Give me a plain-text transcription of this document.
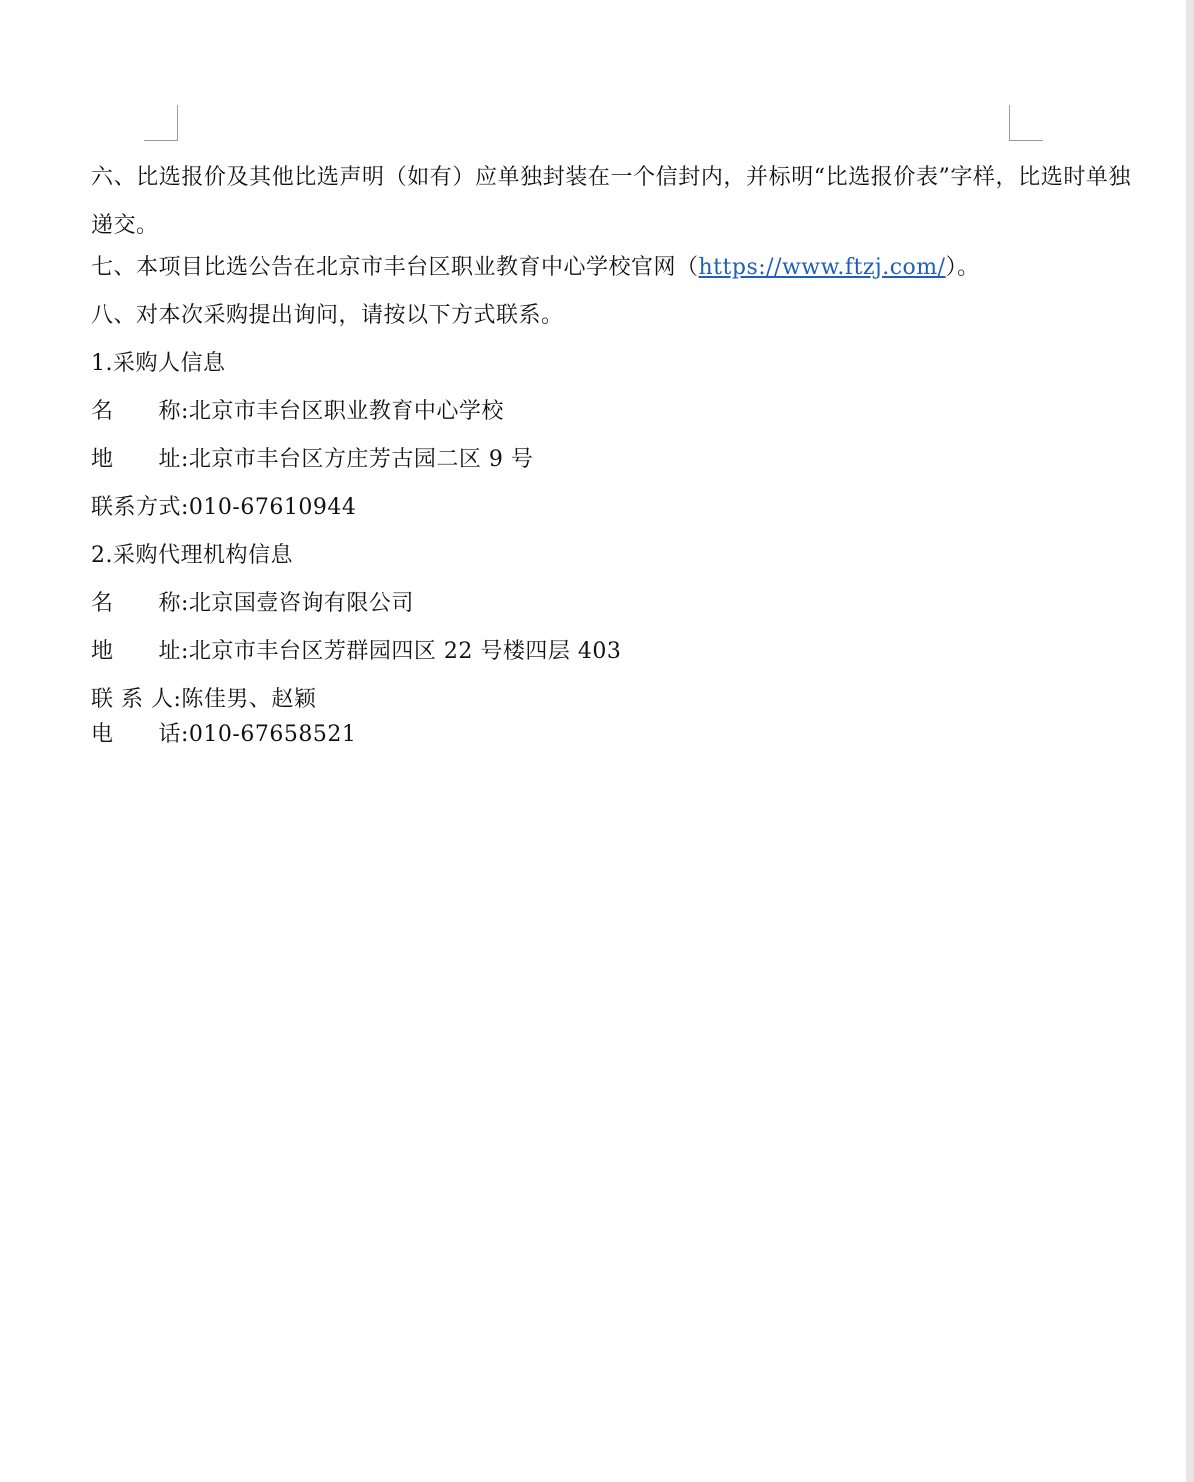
六、比选报价及其他比选声明（如有）应单独封装在一个信封内，并标明“比选报价表”字样，比选时单独递交。
七、本项目比选公告在北京市丰台区职业教育中心学校官网（https://www.ftzj.com/）。
八、对本次采购提出询问，请按以下方式联系。
1.采购人信息
名　　称:北京市丰台区职业教育中心学校
地　　址:北京市丰台区方庄芳古园二区 9 号
联系方式:010-67610944
2.采购代理机构信息
名　　称:北京国壹咨询有限公司
地　　址:北京市丰台区芳群园四区 22 号楼四层 403
联 系 人:陈佳男、赵颖
电　　话:010-67658521
